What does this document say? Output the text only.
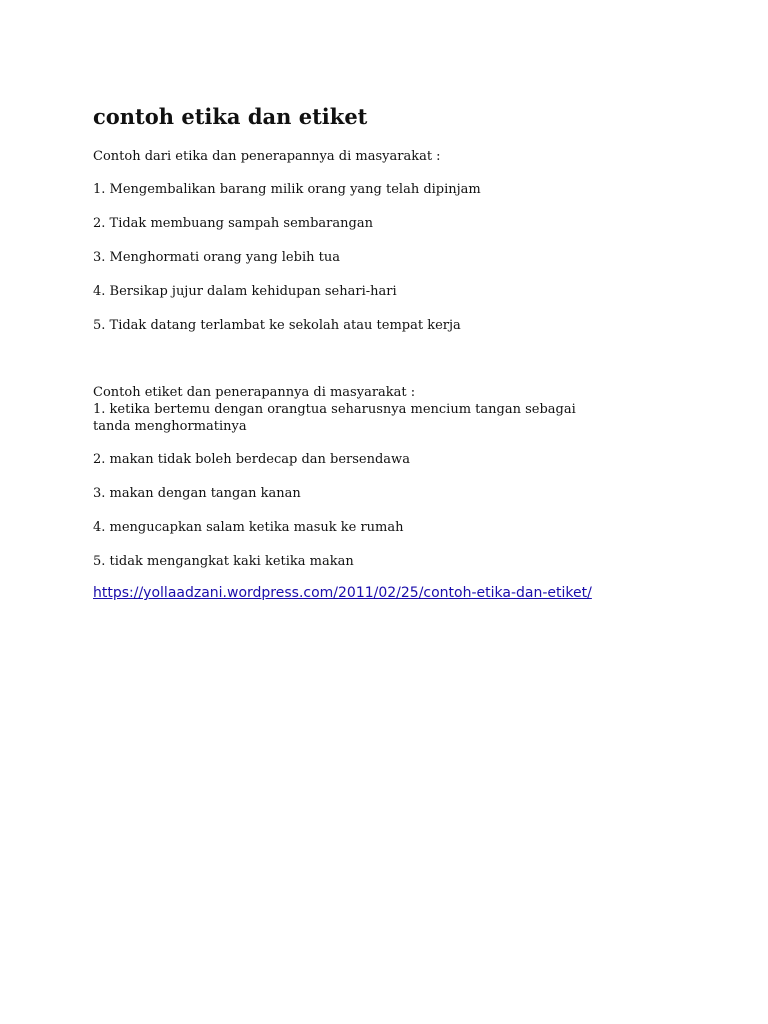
contoh etika dan etiket

Contoh dari etika dan penerapannya di masyarakat :

1. Mengembalikan barang milik orang yang telah dipinjam

2. Tidak membuang sampah sembarangan

3. Menghormati orang yang lebih tua

4. Bersikap jujur dalam kehidupan sehari-hari

5. Tidak datang terlambat ke sekolah atau tempat kerja

Contoh etiket dan penerapannya di masyarakat :

1. ketika bertemu dengan orangtua seharusnya mencium tangan sebagai tanda menghormatinya

2. makan tidak boleh berdecap dan bersendawa

3. makan dengan tangan kanan

4. mengucapkan salam ketika masuk ke rumah

5. tidak mengangkat kaki ketika makan

https://yollaadzani.wordpress.com/2011/02/25/contoh-etika-dan-etiket/
